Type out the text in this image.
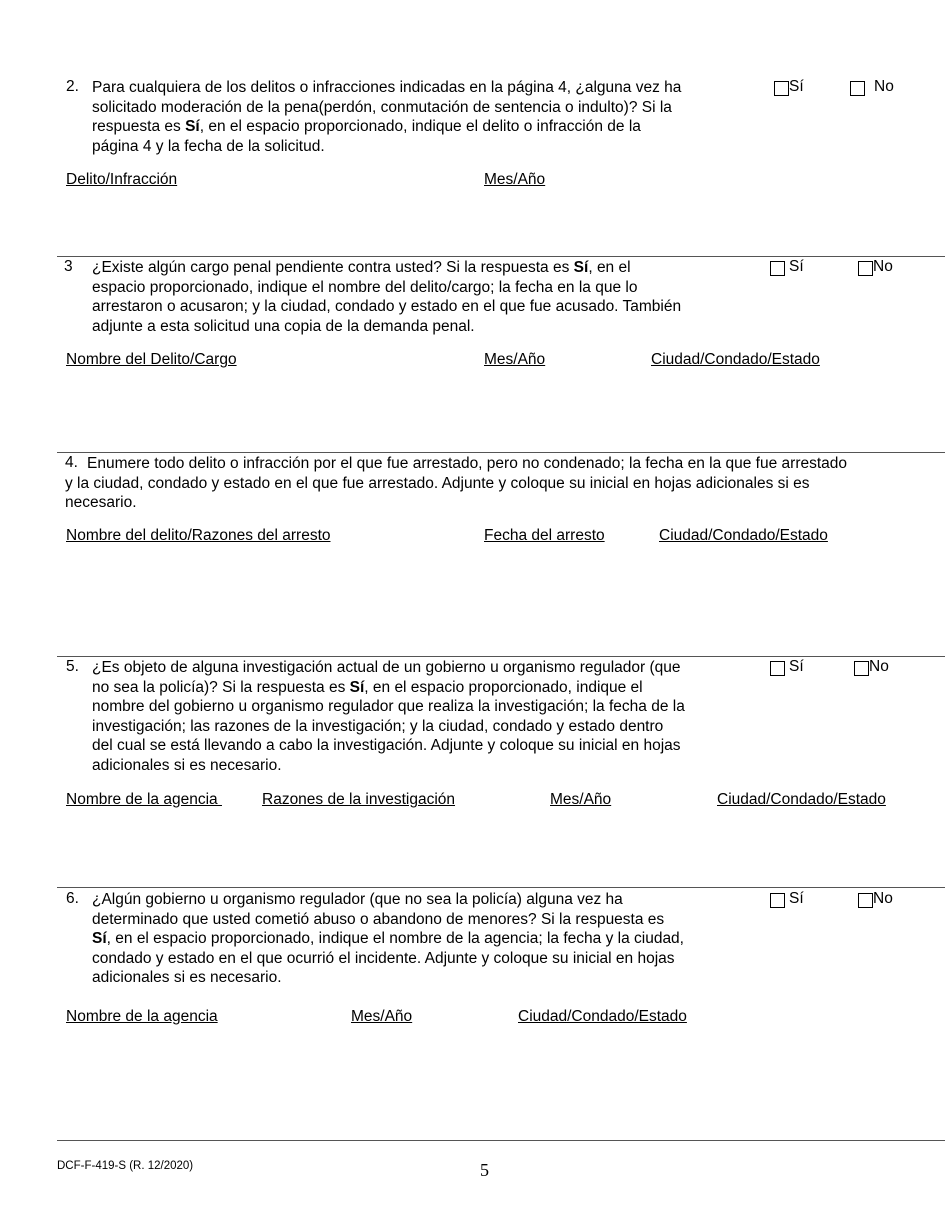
2. Para cualquiera de los delitos o infracciones indicadas en la página 4, ¿alguna vez ha
solicitado moderación de la pena(perdón, conmutación de sentencia o indulto)? Si la
respuesta es Sí, en el espacio proporcionado, indique el delito o infracción de la
página 4 y la fecha de la solicitud.
Sí	No
Delito/Infracción	Mes/Año
3 ¿Existe algún cargo penal pendiente contra usted? Si la respuesta es Sí, en el
espacio proporcionado, indique el nombre del delito/cargo; la fecha en la que lo
arrestaron o acusaron; y la ciudad, condado y estado en el que fue acusado. También
adjunte a esta solicitud una copia de la demanda penal.
Sí	No
Nombre del Delito/Cargo	Mes/Año	Ciudad/Condado/Estado
4. Enumere todo delito o infracción por el que fue arrestado, pero no condenado; la fecha en la que fue arrestado
y la ciudad, condado y estado en el que fue arrestado. Adjunte y coloque su inicial en hojas adicionales si es
necesario.
Nombre del delito/Razones del arresto	Fecha del arresto	Ciudad/Condado/Estado
5. ¿Es objeto de alguna investigación actual de un gobierno u organismo regulador (que
no sea la policía)? Si la respuesta es Sí, en el espacio proporcionado, indique el
nombre del gobierno u organismo regulador que realiza la investigación; la fecha de la
investigación; las razones de la investigación; y la ciudad, condado y estado dentro
del cual se está llevando a cabo la investigación. Adjunte y coloque su inicial en hojas
adicionales si es necesario.
Sí	No
Nombre de la agencia	Razones de la investigación	Mes/Año	Ciudad/Condado/Estado
6. ¿Algún gobierno u organismo regulador (que no sea la policía) alguna vez ha
determinado que usted cometió abuso o abandono de menores? Si la respuesta es
Sí, en el espacio proporcionado, indique el nombre de la agencia; la fecha y la ciudad,
condado y estado en el que ocurrió el incidente. Adjunte y coloque su inicial en hojas
adicionales si es necesario.
Sí	No
Nombre de la agencia	Mes/Año	Ciudad/Condado/Estado
DCF-F-419-S (R. 12/2020)	5
